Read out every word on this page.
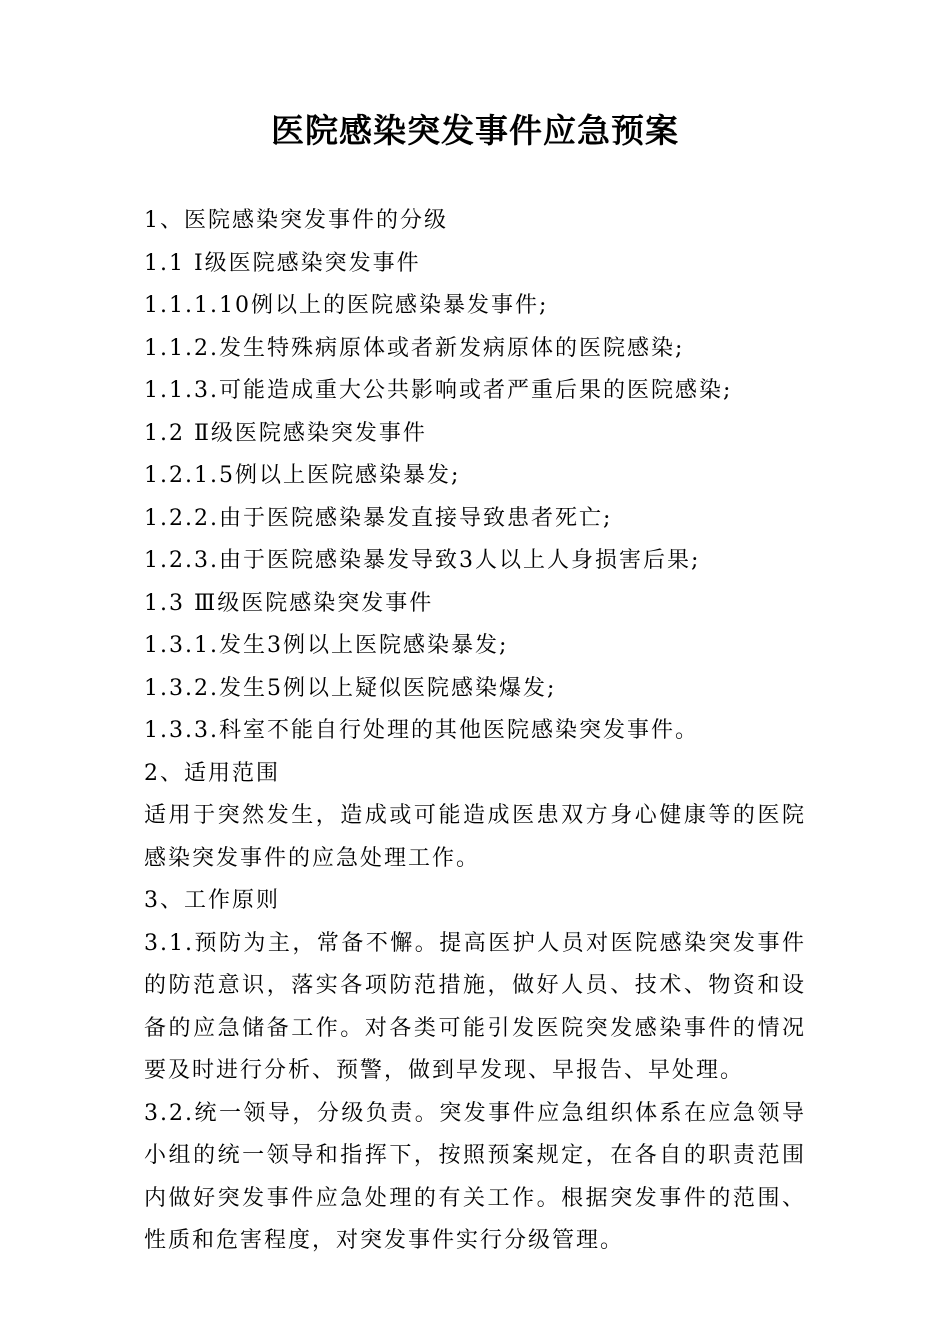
医院感染突发事件应急预案

1、医院感染突发事件的分级

1.1 Ⅰ级医院感染突发事件

1.1.1.10例以上的医院感染暴发事件;

1.1.2.发生特殊病原体或者新发病原体的医院感染;

1.1.3.可能造成重大公共影响或者严重后果的医院感染;

1.2 Ⅱ级医院感染突发事件

1.2.1.5例以上医院感染暴发;

1.2.2.由于医院感染暴发直接导致患者死亡;

1.2.3.由于医院感染暴发导致3人以上人身损害后果;

1.3 Ⅲ级医院感染突发事件

1.3.1.发生3例以上医院感染暴发;

1.3.2.发生5例以上疑似医院感染爆发;

1.3.3.科室不能自行处理的其他医院感染突发事件。

2、适用范围

适用于突然发生，造成或可能造成医患双方身心健康等的医院感染突发事件的应急处理工作。

3、工作原则

3.1.预防为主，常备不懈。提高医护人员对医院感染突发事件的防范意识，落实各项防范措施，做好人员、技术、物资和设备的应急储备工作。对各类可能引发医院突发感染事件的情况要及时进行分析、预警，做到早发现、早报告、早处理。

3.2.统一领导，分级负责。突发事件应急组织体系在应急领导小组的统一领导和指挥下，按照预案规定，在各自的职责范围内做好突发事件应急处理的有关工作。根据突发事件的范围、性质和危害程度，对突发事件实行分级管理。
